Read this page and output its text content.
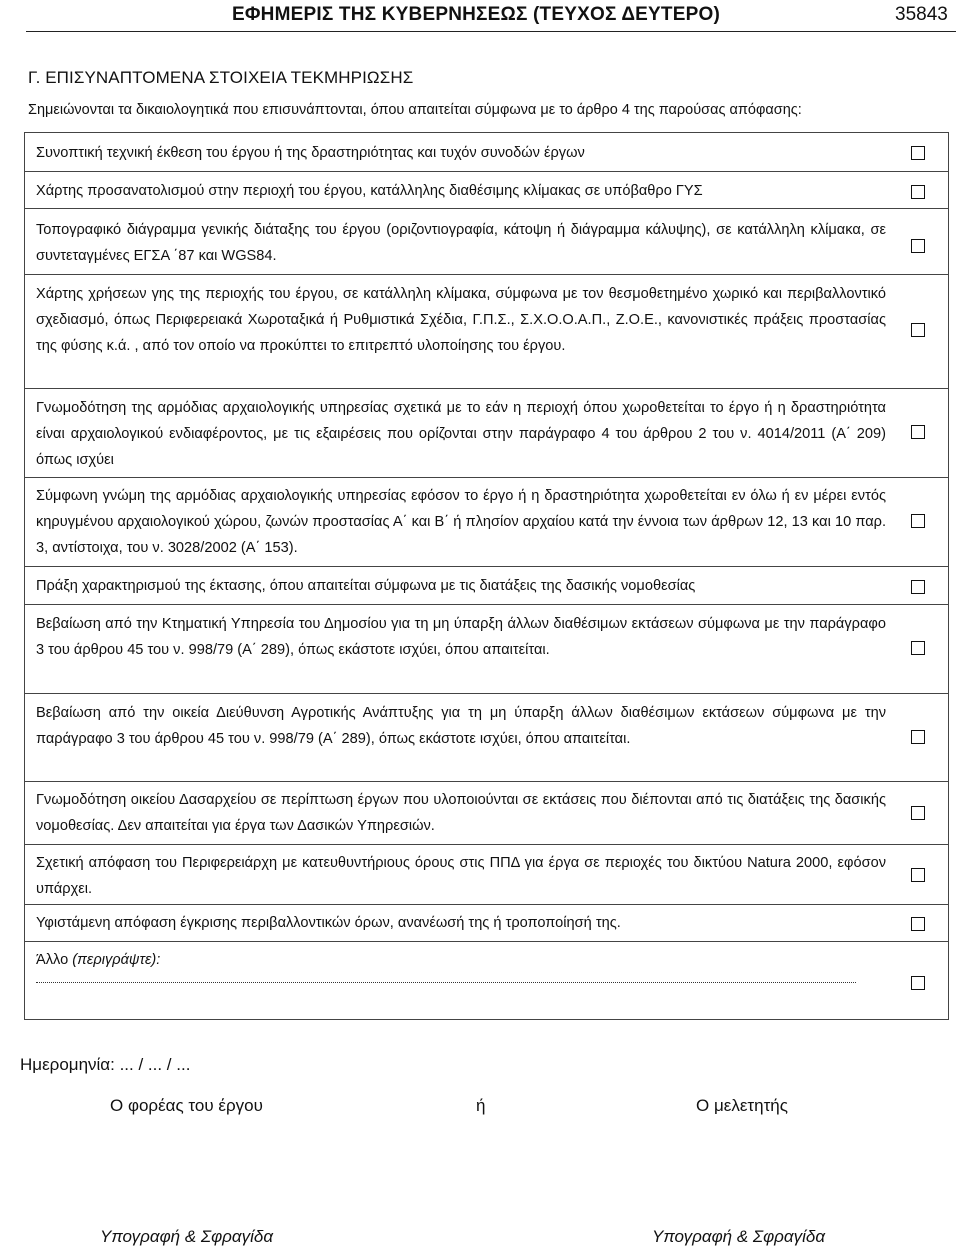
ΕΦΗΜΕΡΙΣ ΤΗΣ ΚΥΒΕΡΝΗΣΕΩΣ (ΤΕΥΧΟΣ ΔΕΥΤΕΡΟ)	35843
Γ. ΕΠΙΣΥΝΑΠΤΟΜΕΝΑ ΣΤΟΙΧΕΙΑ ΤΕΚΜΗΡΙΩΣΗΣ
Σημειώνονται τα δικαιολογητικά που επισυνάπτονται, όπου απαιτείται σύμφωνα με το άρθρο 4 της παρούσας απόφασης:
Συνοπτική τεχνική έκθεση του έργου ή της δραστηριότητας και τυχόν συνοδών έργων
Χάρτης προσανατολισμού στην περιοχή του έργου, κατάλληλης διαθέσιμης κλίμακας σε υπόβαθρο ΓΥΣ
Τοπογραφικό διάγραμμα γενικής διάταξης του έργου (οριζοντιογραφία, κάτοψη ή διάγραμμα κάλυψης), σε κατάλληλη κλίμακα, σε συντεταγμένες ΕΓΣΑ ΄87 και WGS84.
Χάρτης χρήσεων γης της περιοχής του έργου, σε κατάλληλη κλίμακα, σύμφωνα με τον θεσμοθετημένο χωρικό και περιβαλλοντικό σχεδιασμό, όπως Περιφερειακά Χωροταξικά ή Ρυθμιστικά Σχέδια, Γ.Π.Σ., Σ.Χ.Ο.Ο.Α.Π., Ζ.Ο.Ε., κανονιστικές πράξεις προστασίας της φύσης κ.ά. , από τον οποίο να προκύπτει το επιτρεπτό υλοποίησης του έργου.
Γνωμοδότηση της αρμόδιας αρχαιολογικής υπηρεσίας σχετικά με το εάν η περιοχή όπου χωροθετείται το έργο ή η δραστηριότητα είναι αρχαιολογικού ενδιαφέροντος, με τις εξαιρέσεις που ορίζονται στην παράγραφο 4 του άρθρου 2 του ν. 4014/2011 (Α΄ 209) όπως ισχύει
Σύμφωνη γνώμη της αρμόδιας αρχαιολογικής υπηρεσίας εφόσον το έργο ή η δραστηριότητα χωροθετείται εν όλω ή εν μέρει εντός κηρυγμένου αρχαιολογικού χώρου, ζωνών προστασίας Α΄ και Β΄ ή πλησίον αρχαίου κατά την έννοια των άρθρων 12, 13 και 10 παρ. 3, αντίστοιχα, του ν. 3028/2002 (Α΄ 153).
Πράξη χαρακτηρισμού της έκτασης, όπου απαιτείται σύμφωνα με τις διατάξεις της δασικής νομοθεσίας
Βεβαίωση από την Κτηματική Υπηρεσία του Δημοσίου για τη μη ύπαρξη άλλων διαθέσιμων εκτάσεων σύμφωνα με την παράγραφο 3 του άρθρου 45 του ν. 998/79 (Α΄ 289), όπως εκάστοτε ισχύει, όπου απαιτείται.
Βεβαίωση από την οικεία Διεύθυνση Αγροτικής Ανάπτυξης για τη μη ύπαρξη άλλων διαθέσιμων εκτάσεων σύμφωνα με την παράγραφο 3 του άρθρου 45 του ν. 998/79 (Α΄ 289), όπως εκάστοτε ισχύει, όπου απαιτείται.
Γνωμοδότηση οικείου Δασαρχείου σε περίπτωση έργων που υλοποιούνται σε εκτάσεις που διέπονται από τις διατάξεις της δασικής νομοθεσίας. Δεν απαιτείται για έργα των Δασικών Υπηρεσιών.
Σχετική απόφαση του Περιφερειάρχη με κατευθυντήριους όρους στις ΠΠΔ για έργα σε περιοχές του δικτύου Natura 2000, εφόσον υπάρχει.
Υφιστάμενη απόφαση έγκρισης περιβαλλοντικών όρων, ανανέωσή της ή τροποποίησή της.
Άλλο (περιγράψτε):
Ημερομηνία: ... / ... / ...
Ο φορέας του έργου	ή	Ο μελετητής
Υπογραφή & Σφραγίδα	Υπογραφή & Σφραγίδα
